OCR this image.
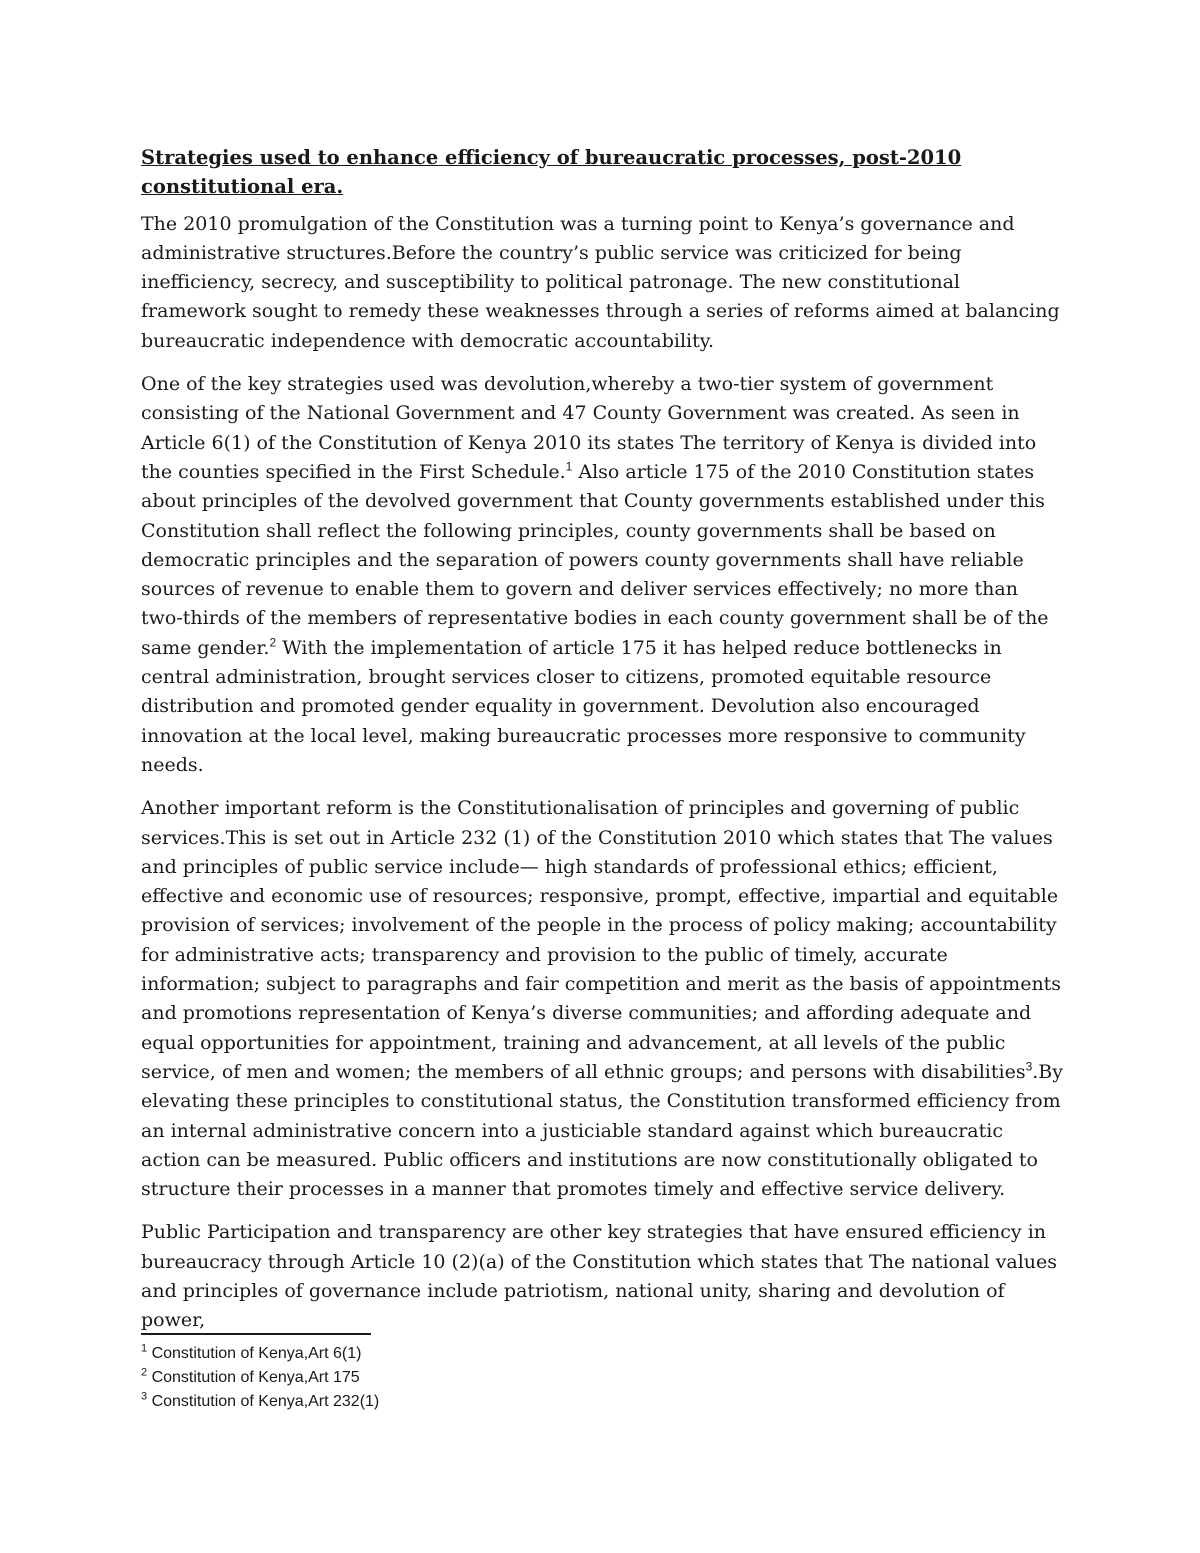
Strategies used to enhance efficiency of bureaucratic processes, post-2010 constitutional era.
The 2010 promulgation of the Constitution was a turning point to Kenya’s governance and administrative structures.Before the country’s public service was criticized for being inefficiency, secrecy, and susceptibility to political patronage. The new constitutional framework sought to remedy these weaknesses through a series of reforms aimed at balancing bureaucratic independence with democratic accountability.
One of the key strategies used was devolution,whereby a two-tier system of government consisting of the National Government and 47 County Government was created. As seen in Article 6(1) of the Constitution of Kenya 2010 its states The territory of Kenya is divided into the counties specified in the First Schedule.$^1$ Also article 175 of the 2010 Constitution states about principles of the devolved government that County governments established under this Constitution shall reflect the following principles, county governments shall be based on democratic principles and the separation of powers county governments shall have reliable sources of revenue to enable them to govern and deliver services effectively; no more than two-thirds of the members of representative bodies in each county government shall be of the same gender.$^2$ With the implementation of article 175 it has helped reduce bottlenecks in central administration, brought services closer to citizens, promoted equitable resource distribution and promoted gender equality in government. Devolution also encouraged innovation at the local level, making bureaucratic processes more responsive to community needs.
Another important reform is the Constitutionalisation of principles and governing of public services.This is set out in Article 232 (1) of the Constitution 2010 which states that The values and principles of public service include— high standards of professional ethics; efficient, effective and economic use of resources; responsive, prompt, effective, impartial and equitable provision of services; involvement of the people in the process of policy making; accountability for administrative acts; transparency and provision to the public of timely, accurate information; subject to paragraphs and fair competition and merit as the basis of appointments and promotions representation of Kenya’s diverse communities; and affording adequate and equal opportunities for appointment, training and advancement, at all levels of the public service, of men and women; the members of all ethnic groups; and persons with disabilities$^3$.By elevating these principles to constitutional status, the Constitution transformed efficiency from an internal administrative concern into a justiciable standard against which bureaucratic action can be measured. Public officers and institutions are now constitutionally obligated to structure their processes in a manner that promotes timely and effective service delivery.
Public Participation and transparency are other key strategies that have ensured efficiency in bureaucracy through Article 10 (2)(a) of the Constitution which states that The national values and principles of governance include patriotism, national unity, sharing and devolution of power,
$^1$ Constitution of Kenya,Art 6(1)
$^2$ Constitution of Kenya,Art 175
$^3$ Constitution of Kenya,Art 232(1)
